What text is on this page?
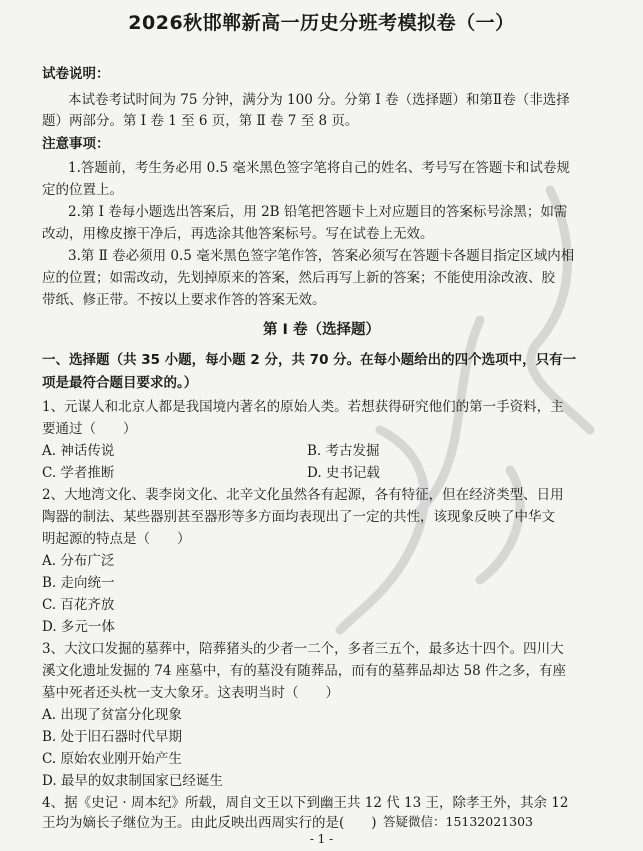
2026秋邯郸新高一历史分班考模拟卷（一）
试卷说明：
本试卷考试时间为 75 分钟，满分为 100 分。分第 Ⅰ 卷（选择题）和第Ⅱ卷（非选择
题）两部分。第 Ⅰ 卷 1 至 6 页，第 Ⅱ 卷 7 至 8 页。
注意事项：
1.答题前，考生务必用 0.5 毫米黑色签字笔将自己的姓名、考号写在答题卡和试卷规
定的位置上。
2.第 Ⅰ 卷每小题选出答案后，用 2B 铅笔把答题卡上对应题目的答案标号涂黑；如需
改动，用橡皮擦干净后，再选涂其他答案标号。写在试卷上无效。
3.第 Ⅱ 卷必须用 0.5 毫米黑色签字笔作答，答案必须写在答题卡各题目指定区域内相
应的位置；如需改动，先划掉原来的答案，然后再写上新的答案；不能使用涂改液、胶
带纸、修正带。不按以上要求作答的答案无效。
第 Ⅰ 卷（选择题）
一、选择题（共 35 小题，每小题 2 分，共 70 分。在每小题给出的四个选项中，只有一
项是最符合题目要求的。）
1、元谋人和北京人都是我国境内著名的原始人类。若想获得研究他们的第一手资料，主
要通过（　　）
A. 神话传说	B. 考古发掘
C. 学者推断	D. 史书记载
2、大地湾文化、裴李岗文化、北辛文化虽然各有起源，各有特征，但在经济类型、日用
陶器的制法、某些器别甚至器形等多方面均表现出了一定的共性，该现象反映了中华文
明起源的特点是（　　）
A. 分布广泛
B. 走向统一
C. 百花齐放
D. 多元一体
3、大汶口发掘的墓葬中，陪葬猪头的少者一二个，多者三五个，最多达十四个。四川大
溪文化遗址发掘的 74 座墓中，有的墓没有随葬品，而有的墓葬品却达 58 件之多，有座
墓中死者还头枕一支大象牙。这表明当时（　　）
A. 出现了贫富分化现象
B. 处于旧石器时代早期
C. 原始农业刚开始产生
D. 最早的奴隶制国家已经诞生
4、据《史记 · 周本纪》所载，周自文王以下到幽王共 12 代 13 王，除孝王外，其余 12
王均为嫡长子继位为王。由此反映出西周实行的是(　　)
- 1 -
答疑微信：15132021303
